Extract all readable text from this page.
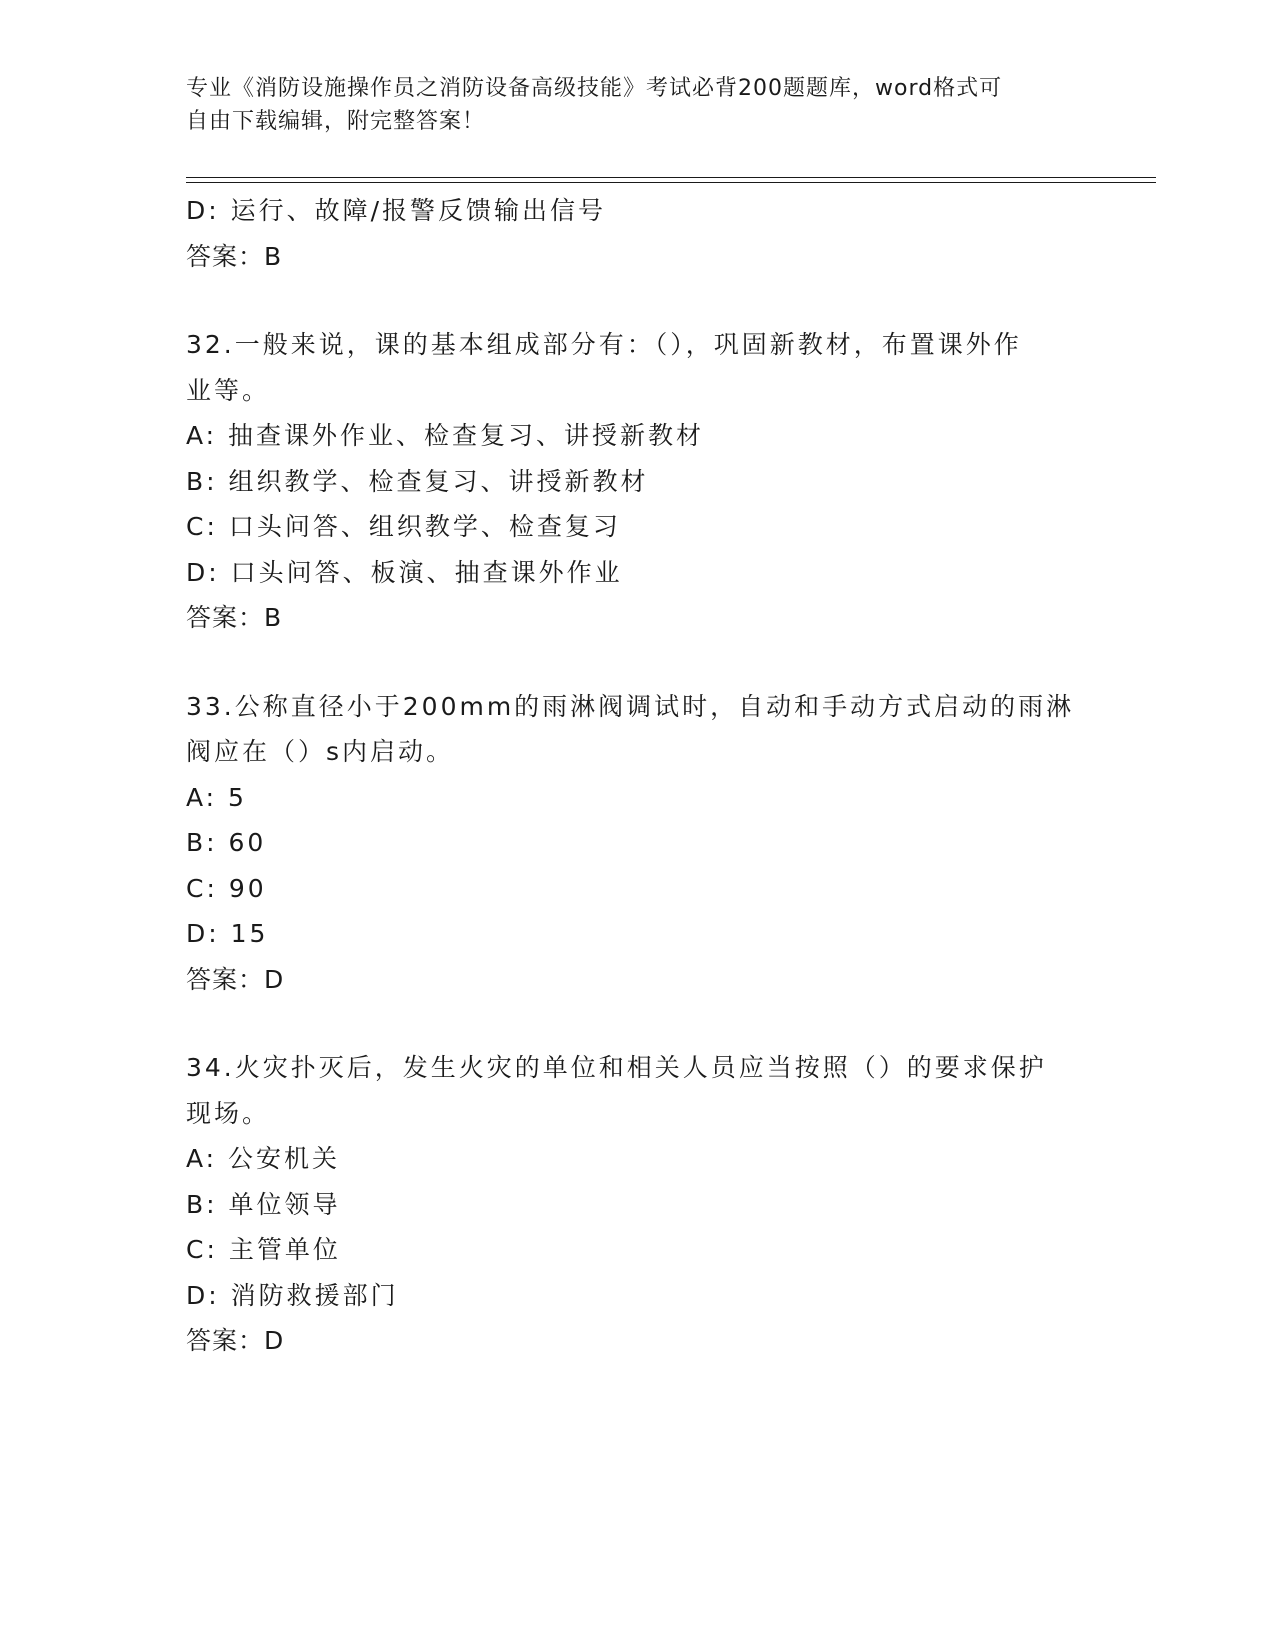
专业《消防设施操作员之消防设备高级技能》考试必背200题题库，word格式可
自由下载编辑，附完整答案！
D: 运行、故障/报警反馈输出信号
答案：B
32.一般来说，课的基本组成部分有：（），巩固新教材，布置课外作
业等。
A: 抽查课外作业、检查复习、讲授新教材
B: 组织教学、检查复习、讲授新教材
C: 口头问答、组织教学、检查复习
D: 口头问答、板演、抽查课外作业
答案：B
33.公称直径小于200mm的雨淋阀调试时，自动和手动方式启动的雨淋
阀应在（）s内启动。
A: 5
B: 60
C: 90
D: 15
答案：D
34.火灾扑灭后，发生火灾的单位和相关人员应当按照（）的要求保护
现场。
A: 公安机关
B: 单位领导
C: 主管单位
D: 消防救援部门
答案：D
